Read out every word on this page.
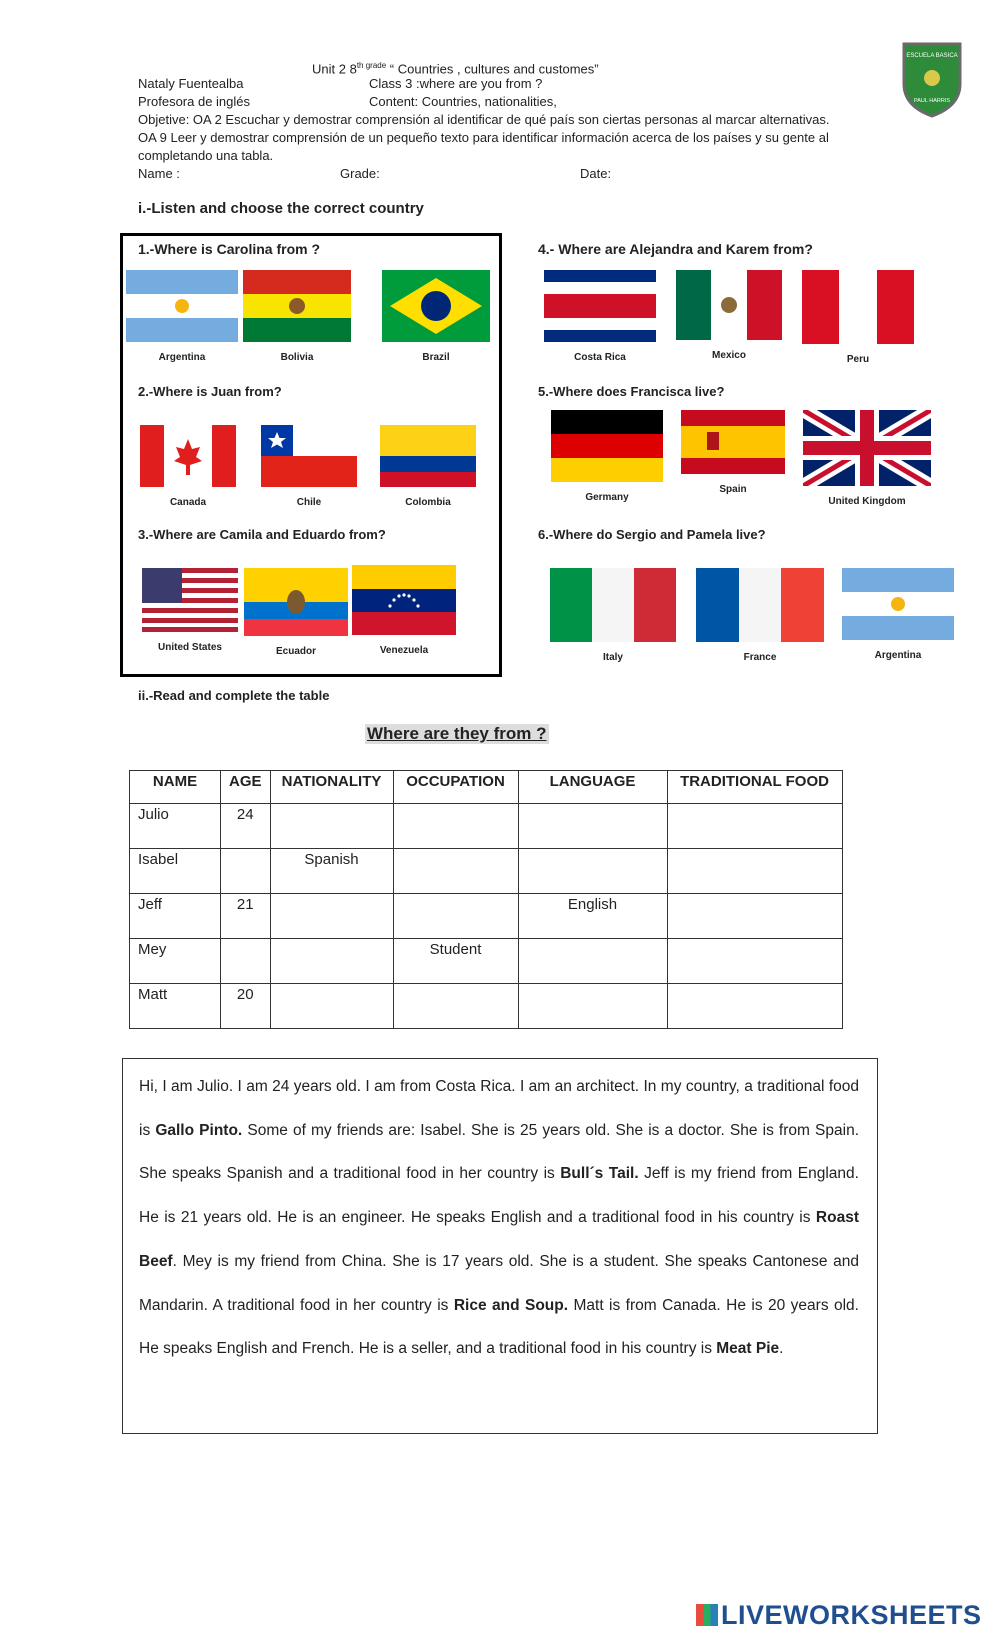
Unit 2 $8^{th grade}$ “ Countries , cultures and customes”
Nataly Fuentealba	Class 3 :where are you from ?
Profesora de inglés	Content: Countries, nationalities,
Objetive: OA 2 Escuchar y demostrar comprensión al identificar de qué país son ciertas personas al marcar alternativas.
OA 9 Leer y demostrar comprensión de un pequeño texto para identificar información acerca de los países y su gente al
completando una tabla.
Name :	Grade:	Date:
ESCUELA BASICA
PAUL HARRIS
i.-Listen and choose the correct country
1.-Where is Carolina from ?
2.-Where is Juan from?
3.-Where are Camila and Eduardo from?
4.- Where are Alejandra and Karem from?
5.-Where does Francisca live?
6.-Where do Sergio and Pamela live?
Argentina	Bolivia	Brazil
Canada	Chile	Colombia
United States	Ecuador	Venezuela
Costa Rica	Mexico	Peru
Germany
Spain
United Kingdom
Italy	France	Argentina
ii.-Read and complete the table
Where are they from ?
NAME	AGE	NATIONALITY	OCCUPATION	LANGUAGE	TRADITIONAL FOOD
Julio	24				
Isabel		Spanish			
Jeff	21			English	
Mey			Student		
Matt	20				

Hi, I am Julio. I am 24 years old. I am from Costa Rica. I am an architect. In my country, a traditional food is Gallo Pinto. Some of my friends are: Isabel. She is 25 years old. She is a doctor. She is from Spain. She speaks Spanish and a traditional food in her country is Bull´s Tail. Jeff is my friend from England. He is 21 years old. He is an engineer. He speaks English and a traditional food in his country is Roast Beef. Mey is my friend from China. She is 17 years old. She is a student. She speaks Cantonese and Mandarin. A traditional food in her country is Rice and Soup. Matt is from Canada. He is 20 years old. He speaks English and French. He is a seller, and a traditional food in his country is Meat Pie.

LIVEWORKSHEETS
